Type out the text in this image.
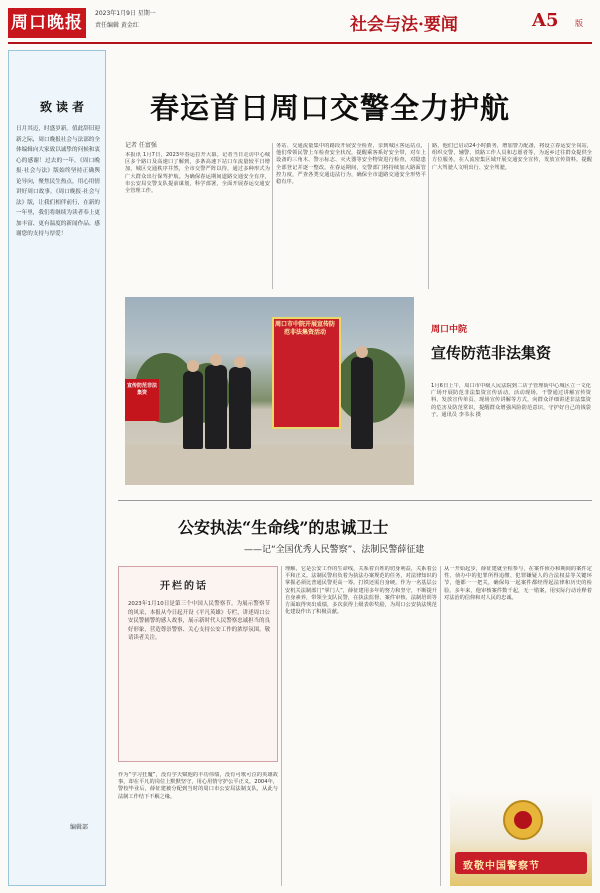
周口晚报	2023年1月9日 星期一
责任编辑 黄金红	社会与法·要闻	A5 版
致读者
日月其迈，时盛岁新。值此辞旧迎新之际，周口晚报社会与法部的全体编辑向大家致以诚挚的问候和衷心的感谢！过去的一年，《周口晚报·社会与法》版始终坚持正确舆论导向，聚焦民生热点，用心用情讲好周口故事。《周口晚报·社会与法》版，让我们相伴前行，在新的一年里，我们将继续为读者奉上更加丰富、更有温度的新闻作品。感谢您的支持与厚爱！
编辑部
春运首日周口交警全力护航
记者 任富强
本报讯 1月7日，2023年春运拉开大幕。记者当日走访中心城区多个路口及高速口了解到，多条高速下站口车流量较平日增加，城区交通秩序井然，全市交警严阵以待，通过多种形式为广大群众出行保驾护航。为确保春运期间道路交通安全有序，市公安局交警支队提前谋划，科学部署，全面开展春运交通安全管理工作。
务站、交通流量集中的路段开展安全检查，亲到城区客运站点，他们带领民警上车检查安全状况，提醒乘客系好安全带，对车上设备的三角木、警示标志、灭火器等安全物资进行检查，对隐患全部登记并逐一整改。在春运期间，交警部门将持续加大路面管控力度，严查各类交通违法行为，确保全市道路交通安全形势平稳有序。
路，他们已启动24小时勤务，增加警力配备，将设立春运安全岗站，组织交警、辅警、铁路工作人员和志愿者等，为返乡过往群众提供全方位服务。在人流密集区域开展交通安全宣传，发放宣传资料，提醒广大驾驶人文明出行、安全驾驶。
宣传防范非法集资
周口市中院开展宣传防范非法集资活动	周口中院
宣传防范非法集资
1月6日上午，周口市中级人民法院到二店子管理街中心城区立一文化广场开展防范非法集资宣传活动。活动现场，干警通过讲解宣传资料、发放宣传单页、现场宣传讲解等方式，向群众详细讲述非法集资的危害及防范常识，提醒群众增强风险防范意识，守护好自己的钱袋子。通讯员 李书永 摄
公安执法“生命线”的忠诚卫士
——记“全国优秀人民警察”、法制民警薛征建
开栏的话
2023年1月10日是第三个中国人民警察节。为展示警察节的风采，本报从今日起开设《平凡英雄》专栏，讲述周口公安民警辅警的感人故事，展示新时代人民警察忠诚担当的良好形象，营造尊崇警察、关心支持公安工作的浓厚氛围。敬请读者关注。
作为“学习狂魔”，没有学天赋他的丰功伟绩，没有可歌可泣的英雄故事，却在平凡的岗位上默默坚守，用心用情守护公平正义。2004年，警校毕业后，薛征建被分配到当时的周口市公安局法制支队，从此与法制工作结下不解之缘。
理解，它是公安工作的生命线，关系着百姓的切身利益，关系着公平和正义。法制民警肩负着为执法办案规范的任务，对法律知识的掌握必须比普通民警更高一筹。打铁还需自身硬。作为一名基层公安机关法制部门“掌门人”，薛征建用多年的努力和坚守，不断提升自身素养，带领全支队民警，在执法监督、案件审核、法制培训等方面取得突出成绩，多次获得上级表彰奖励，为周口公安执法规范化建设作出了积极贡献。
从一开始起步，薛征建就全程参与，在案件侦办和期间的案件定性、侦办中的犯罪所得追缴、犯罪嫌疑人的合法权益等关键环节，他都一一把关，确保每一起案件都经得起法律和历史的检验。多年来，他审核案件数千起，无一错案，用实际行动诠释着对法治的信仰和对人民的忠诚。
致敬中国警察节
